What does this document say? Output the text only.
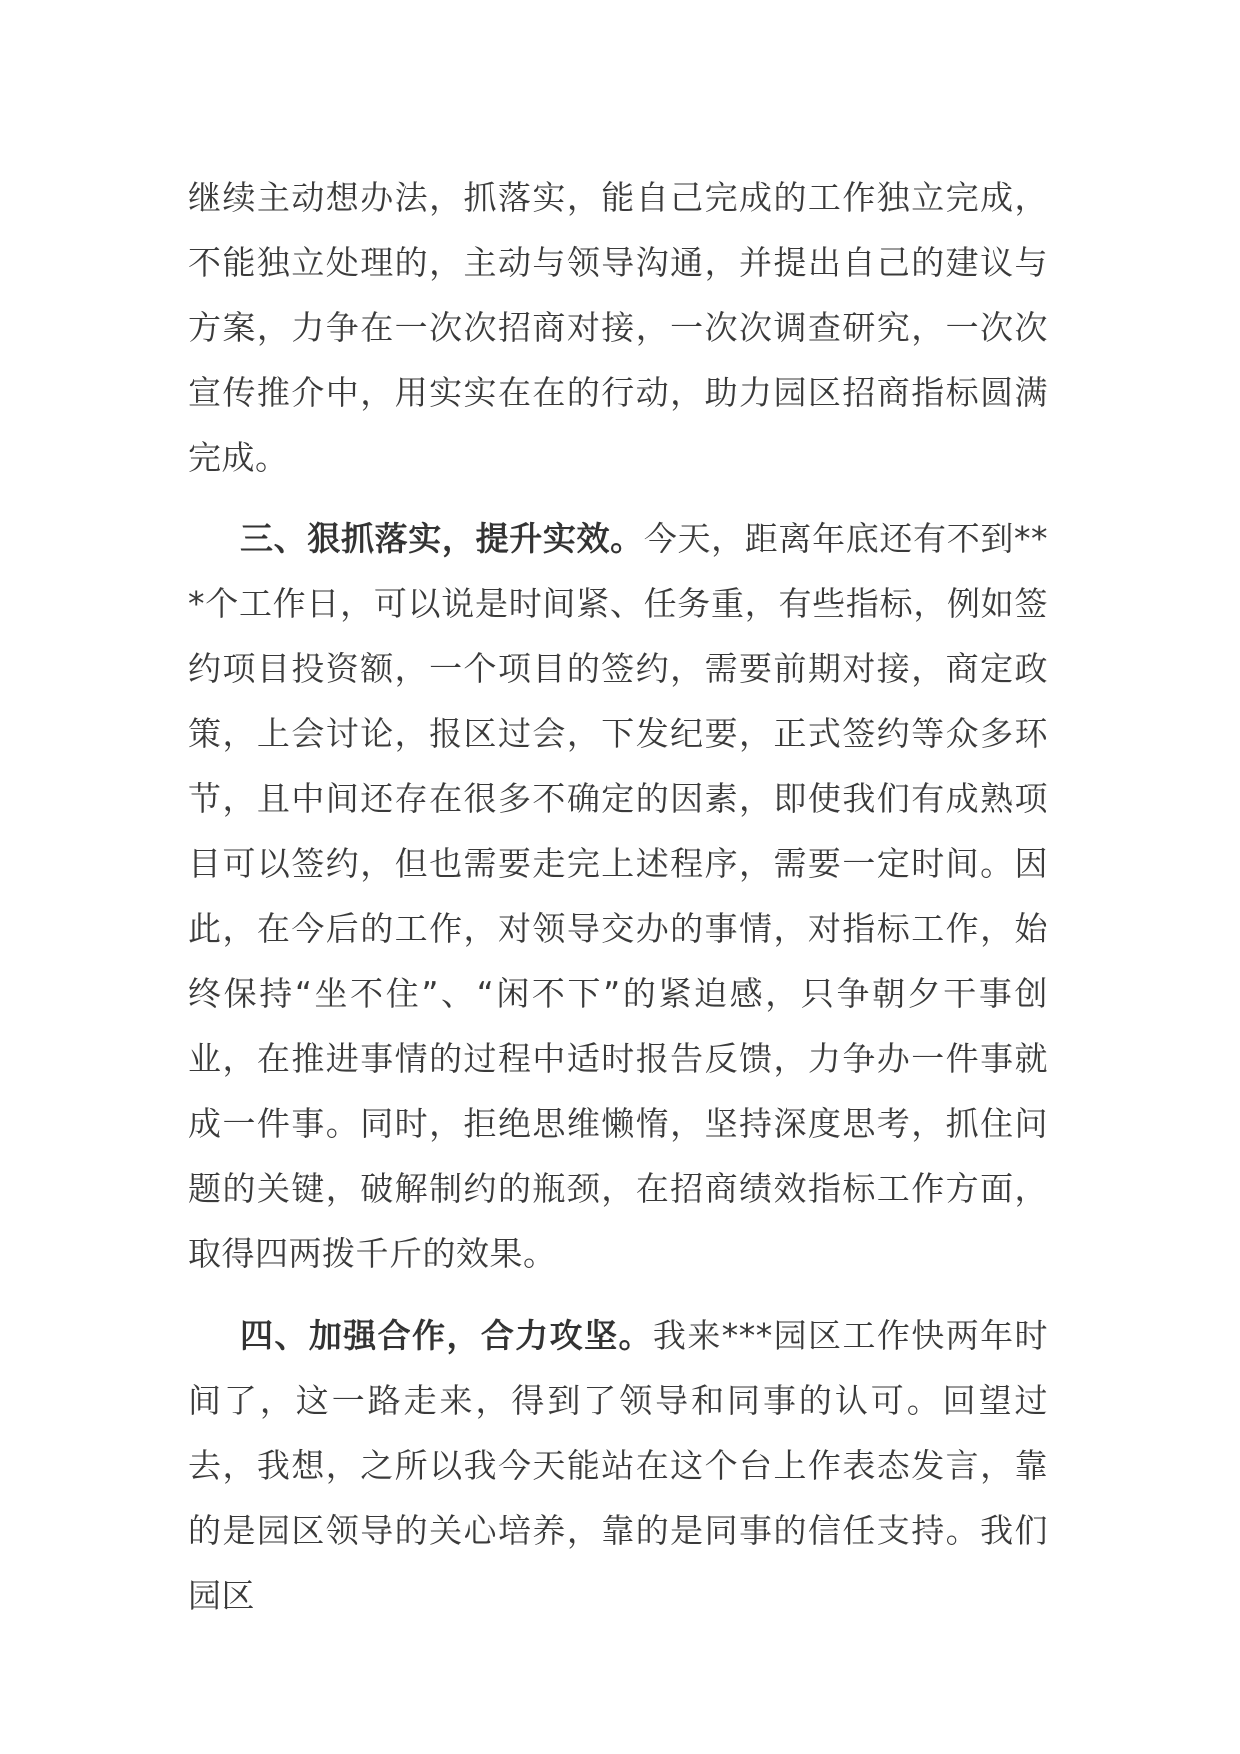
继续主动想办法，抓落实，能自己完成的工作独立完成，不能独立处理的，主动与领导沟通，并提出自己的建议与方案，力争在一次次招商对接，一次次调查研究，一次次宣传推介中，用实实在在的行动，助力园区招商指标圆满完成。

三、狠抓落实，提升实效。今天，距离年底还有不到***个工作日，可以说是时间紧、任务重，有些指标，例如签约项目投资额，一个项目的签约，需要前期对接，商定政策，上会讨论，报区过会，下发纪要，正式签约等众多环节，且中间还存在很多不确定的因素，即使我们有成熟项目可以签约，但也需要走完上述程序，需要一定时间。因此，在今后的工作，对领导交办的事情，对指标工作，始终保持“坐不住”、“闲不下”的紧迫感，只争朝夕干事创业，在推进事情的过程中适时报告反馈，力争办一件事就成一件事。同时，拒绝思维懒惰，坚持深度思考，抓住问题的关键，破解制约的瓶颈，在招商绩效指标工作方面，取得四两拨千斤的效果。

四、加强合作，合力攻坚。我来***园区工作快两年时间了，这一路走来，得到了领导和同事的认可。回望过去，我想，之所以我今天能站在这个台上作表态发言，靠的是园区领导的关心培养，靠的是同事的信任支持。我们园区
